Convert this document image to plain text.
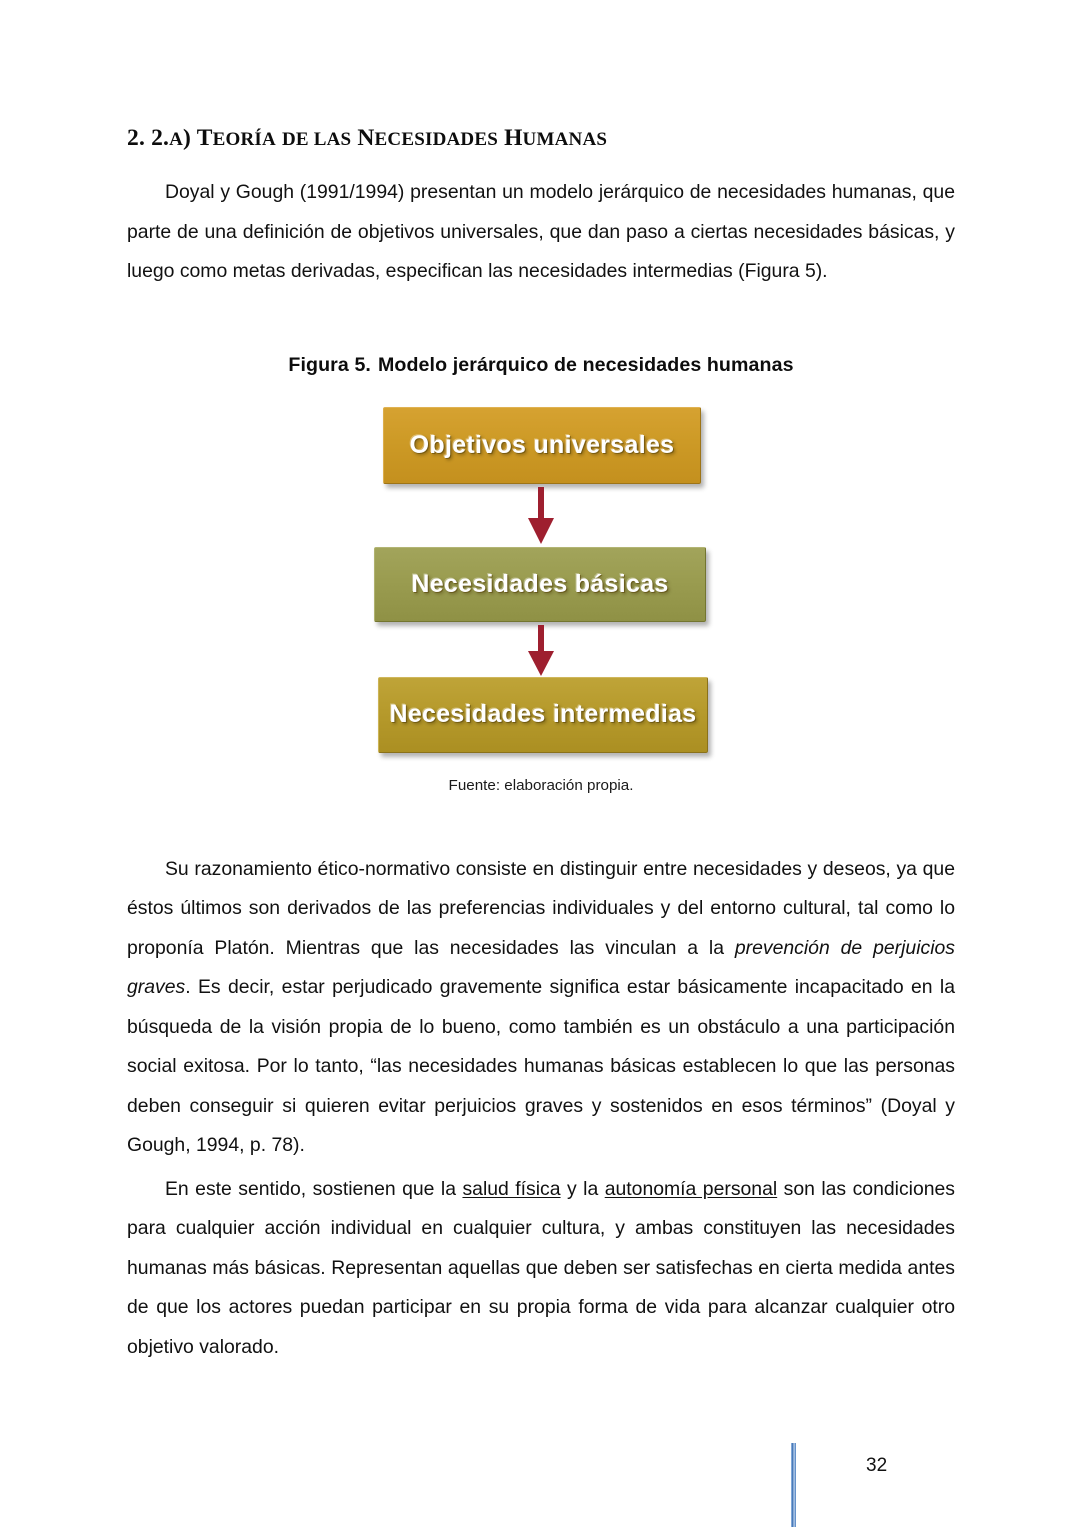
2. 2.A) TEORÍA DE LAS NECESIDADES HUMANAS

Doyal y Gough (1991/1994) presentan un modelo jerárquico de necesidades humanas, que parte de una definición de objetivos universales, que dan paso a ciertas necesidades básicas, y luego como metas derivadas, especifican las necesidades intermedias (Figura 5).

Figura 5. Modelo jerárquico de necesidades humanas
Objetivos universales
Necesidades básicas
Necesidades intermedias
Fuente: elaboración propia.

Su razonamiento ético-normativo consiste en distinguir entre necesidades y deseos, ya que éstos últimos son derivados de las preferencias individuales y del entorno cultural, tal como lo proponía Platón. Mientras que las necesidades las vinculan a la prevención de perjuicios graves. Es decir, estar perjudicado gravemente significa estar básicamente incapacitado en la búsqueda de la visión propia de lo bueno, como también es un obstáculo a una participación social exitosa. Por lo tanto, “las necesidades humanas básicas establecen lo que las personas deben conseguir si quieren evitar perjuicios graves y sostenidos en esos términos” (Doyal y Gough, 1994, p. 78).

En este sentido, sostienen que la salud física y la autonomía personal son las condiciones para cualquier acción individual en cualquier cultura, y ambas constituyen las necesidades humanas más básicas. Representan aquellas que deben ser satisfechas en cierta medida antes de que los actores puedan participar en su propia forma de vida para alcanzar cualquier otro objetivo valorado.

32
